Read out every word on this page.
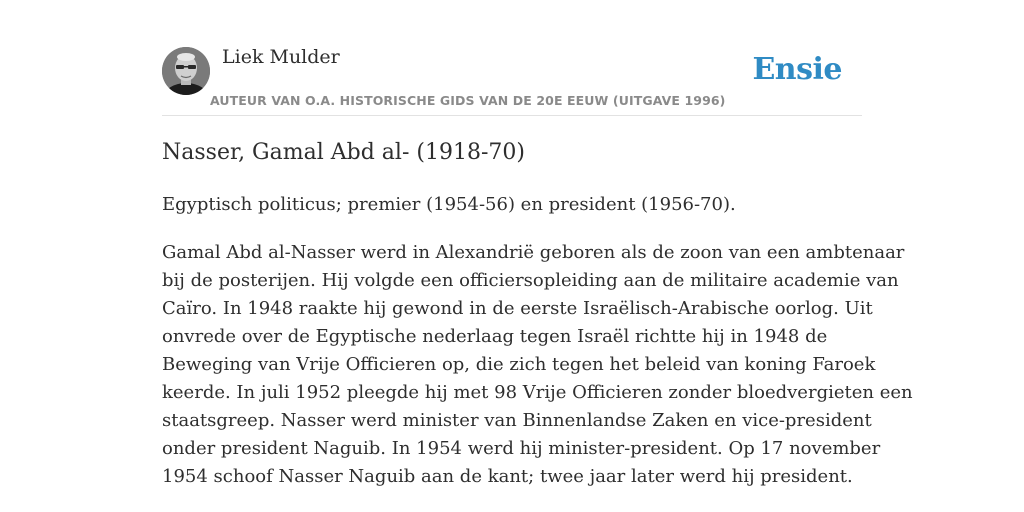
Liek Mulder
AUTEUR VAN O.A. HISTORISCHE GIDS VAN DE 20E EEUW (UITGAVE 1996)
Ensie
Nasser, Gamal Abd al- (1918-70)

Egyptisch politicus; premier (1954-56) en president (1956-70).

Gamal Abd al-Nasser werd in Alexandrië geboren als de zoon van een ambtenaar
bij de posterijen. Hij volgde een officiersopleiding aan de militaire academie van
Caïro. In 1948 raakte hij gewond in de eerste Israëlisch-Arabische oorlog. Uit
onvrede over de Egyptische nederlaag tegen Israël richtte hij in 1948 de
Beweging van Vrije Officieren op, die zich tegen het beleid van koning Faroek
keerde. In juli 1952 pleegde hij met 98 Vrije Officieren zonder bloedvergieten een
staatsgreep. Nasser werd minister van Binnenlandse Zaken en vice-president
onder president Naguib. In 1954 werd hij minister-president. Op 17 november
1954 schoof Nasser Naguib aan de kant; twee jaar later werd hij president.
